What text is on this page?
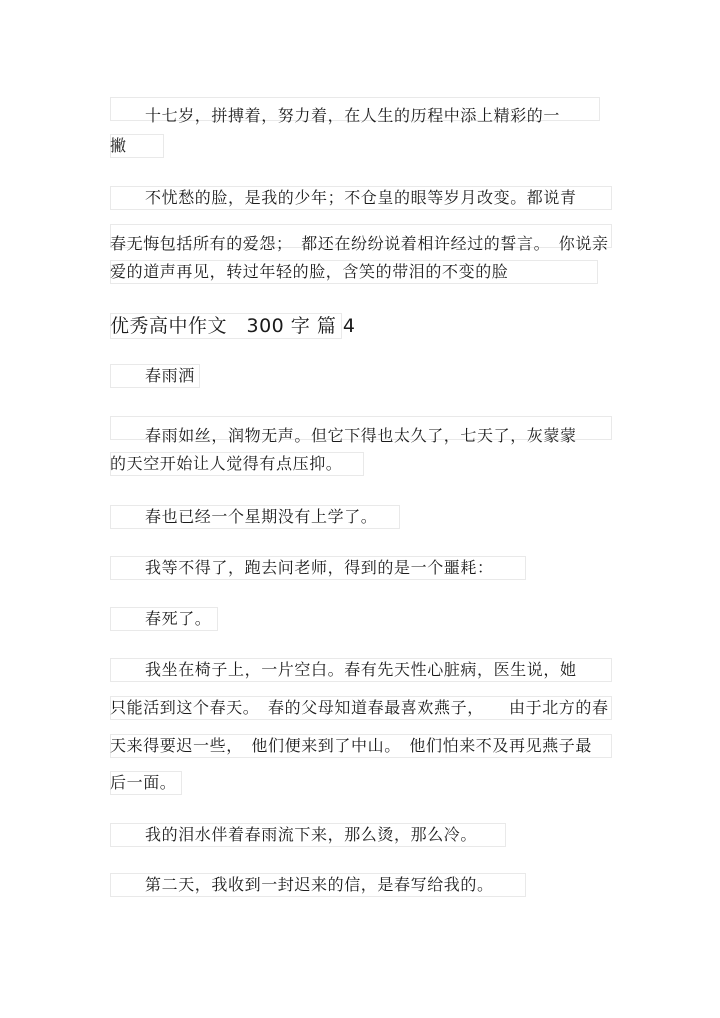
十七岁，拼搏着，努力着，在人生的历程中添上精彩的一
撇
不忧愁的脸，是我的少年；不仓皇的眼等岁月改变。都说青
春无悔包括所有的爱怨；　都还在纷纷说着相许经过的誓言。　你说亲
爱的道声再见，转过年轻的脸，含笑的带泪的不变的脸
优秀高中作文　300 字 篇 4
春雨洒
春雨如丝，润物无声。但它下得也太久了，七天了，灰蒙蒙
的天空开始让人觉得有点压抑。
春也已经一个星期没有上学了。
我等不得了，跑去问老师，得到的是一个噩耗：
春死了。
我坐在椅子上，一片空白。春有先天性心脏病，医生说，她
只能活到这个春天。　春的父母知道春最喜欢燕子，　　由于北方的春
天来得要迟一些，　他们便来到了中山。　他们怕来不及再见燕子最
后一面。
我的泪水伴着春雨流下来，那么烫，那么冷。
第二天，我收到一封迟来的信，是春写给我的。
